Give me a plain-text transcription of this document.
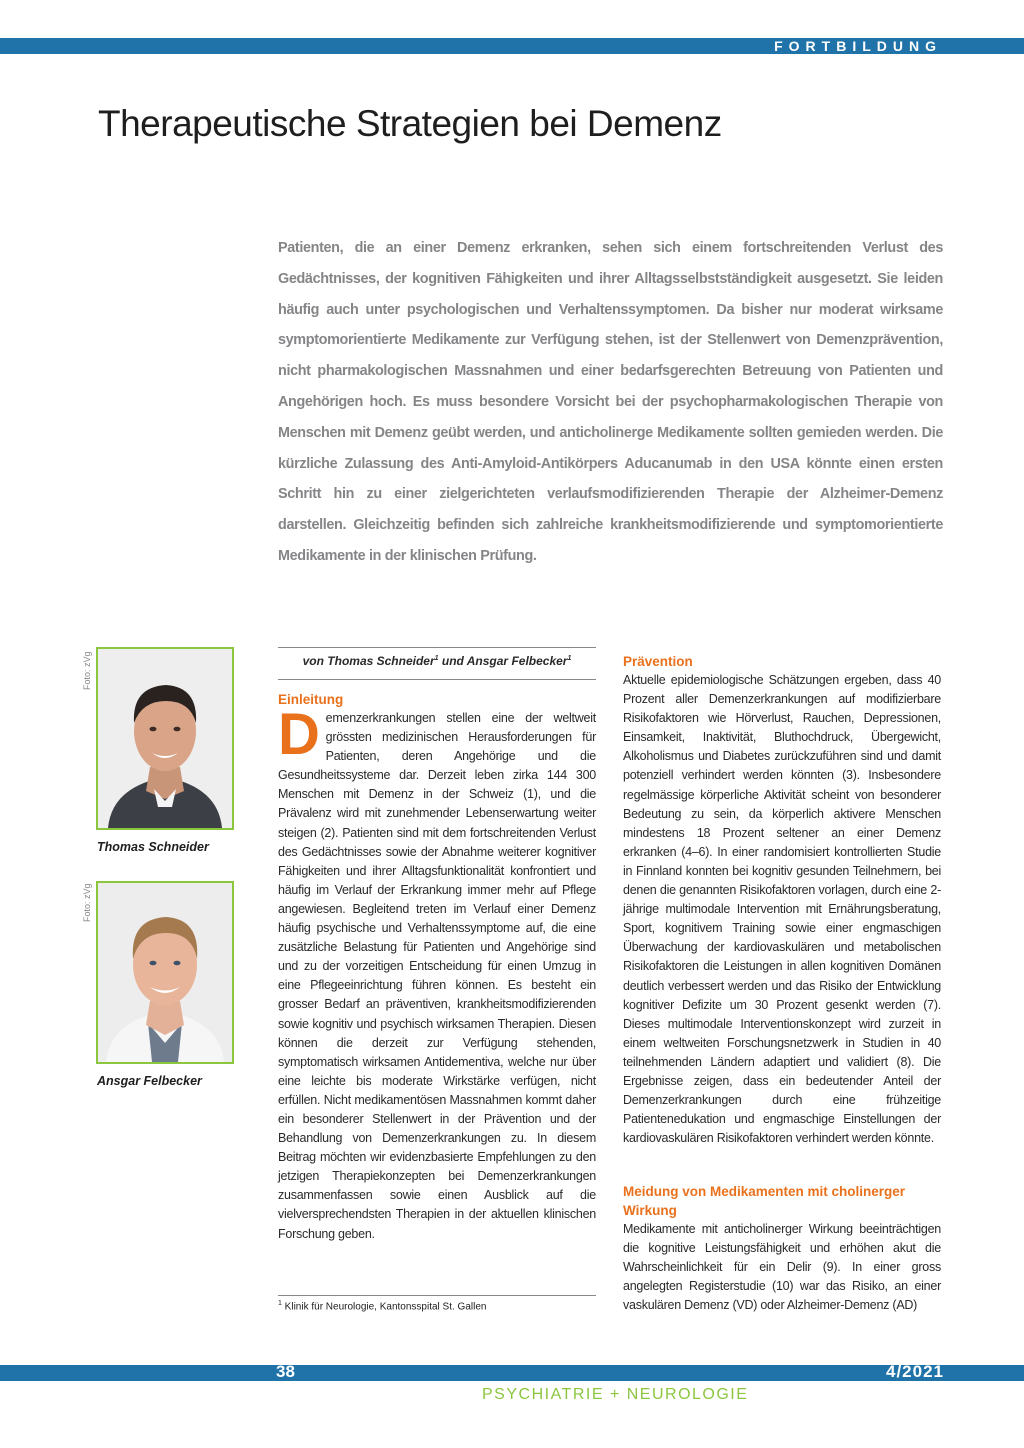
FORTBILDUNG
Therapeutische Strategien bei Demenz

Patienten, die an einer Demenz erkranken, sehen sich einem fortschreitenden Verlust des Gedächtnisses, der kognitiven Fähigkeiten und ihrer Alltagsselbstständigkeit ausgesetzt. Sie leiden häufig auch unter psychologischen und Verhaltenssymptomen. Da bisher nur moderat wirksame symptomorientierte Medikamente zur Verfügung stehen, ist der Stellenwert von Demenzprävention, nicht pharmakologischen Massnahmen und einer bedarfsgerechten Betreuung von Patienten und Angehörigen hoch. Es muss besondere Vorsicht bei der psychopharmakologischen Therapie von Menschen mit Demenz geübt werden, und anticholinerge Medikamente sollten gemieden werden. Die kürzliche Zulassung des Anti-Amyloid-Antikörpers Aducanumab in den USA könnte einen ersten Schritt hin zu einer zielgerichteten verlaufsmodifizierenden Therapie der Alzheimer-Demenz darstellen. Gleichzeitig befinden sich zahlreiche krankheitsmodifizierende und symptomorientierte Medikamente in der klinischen Prüfung.

Foto: zVg
Thomas Schneider
Foto: zVg
Ansgar Felbecker
von Thomas Schneider$^1$ und Ansgar Felbecker$^1$
Einleitung

Demenzerkrankungen stellen eine der weltweit grössten medizinischen Herausforderungen für Patienten, deren Angehörige und die Gesundheitssysteme dar. Derzeit leben zirka 144 300 Menschen mit Demenz in der Schweiz (1), und die Prävalenz wird mit zunehmender Lebenserwartung weiter steigen (2). Patienten sind mit dem fortschreitenden Verlust des Gedächtnisses sowie der Abnahme weiterer kognitiver Fähigkeiten und ihrer Alltagsfunktionalität konfrontiert und häufig im Verlauf der Erkrankung immer mehr auf Pflege angewiesen. Begleitend treten im Verlauf einer Demenz häufig psychische und Verhaltenssymptome auf, die eine zusätzliche Belastung für Patienten und Angehörige sind und zu der vorzeitigen Entscheidung für einen Umzug in eine Pflegeeinrichtung führen können. Es besteht ein grosser Bedarf an präventiven, krankheitsmodifizierenden sowie kognitiv und psychisch wirksamen Therapien. Diesen können die derzeit zur Verfügung stehenden, symptomatisch wirksamen Antidementiva, welche nur über eine leichte bis moderate Wirkstärke verfügen, nicht erfüllen. Nicht medikamentösen Massnahmen kommt daher ein besonderer Stellenwert in der Prävention und der Behandlung von Demenzerkrankungen zu. In diesem Beitrag möchten wir evidenzbasierte Empfehlungen zu den jetzigen Therapiekonzepten bei Demenzerkrankungen zusammenfassen sowie einen Ausblick auf die vielversprechendsten Therapien in der aktuellen klinischen Forschung geben.

$^1$ Klinik für Neurologie, Kantonsspital St. Gallen
Prävention

Aktuelle epidemiologische Schätzungen ergeben, dass 40 Prozent aller Demenzerkrankungen auf modifizierbare Risikofaktoren wie Hörverlust, Rauchen, Depressionen, Einsamkeit, Inaktivität, Bluthochdruck, Übergewicht, Alkoholismus und Diabetes zurückzuführen sind und damit potenziell verhindert werden könnten (3). Insbesondere regelmässige körperliche Aktivität scheint von besonderer Bedeutung zu sein, da körperlich aktivere Menschen mindestens 18 Prozent seltener an einer Demenz erkranken (4–6). In einer randomisiert kontrollierten Studie in Finnland konnten bei kognitiv gesunden Teilnehmern, bei denen die genannten Risikofaktoren vorlagen, durch eine 2-jährige multimodale Intervention mit Ernährungsberatung, Sport, kognitivem Training sowie einer engmaschigen Überwachung der kardiovaskulären und metabolischen Risikofaktoren die Leistungen in allen kognitiven Domänen deutlich verbessert werden und das Risiko der Entwicklung kognitiver Defizite um 30 Prozent gesenkt werden (7). Dieses multimodale Interventionskonzept wird zurzeit in einem weltweiten Forschungsnetzwerk in Studien in 40 teilnehmenden Ländern adaptiert und validiert (8). Die Ergebnisse zeigen, dass ein bedeutender Anteil der Demenzerkrankungen durch eine frühzeitige Patientenedukation und engmaschige Einstellungen der kardiovaskulären Risikofaktoren verhindert werden könnte.

Meidung von Medikamenten mit cholinerger Wirkung

Medikamente mit anticholinerger Wirkung beeinträchtigen die kognitive Leistungsfähigkeit und erhöhen akut die Wahrscheinlichkeit für ein Delir (9). In einer gross angelegten Registerstudie (10) war das Risiko, an einer vaskulären Demenz (VD) oder Alzheimer-Demenz (AD)

38	4/2021
PSYCHIATRIE + NEUROLOGIE
